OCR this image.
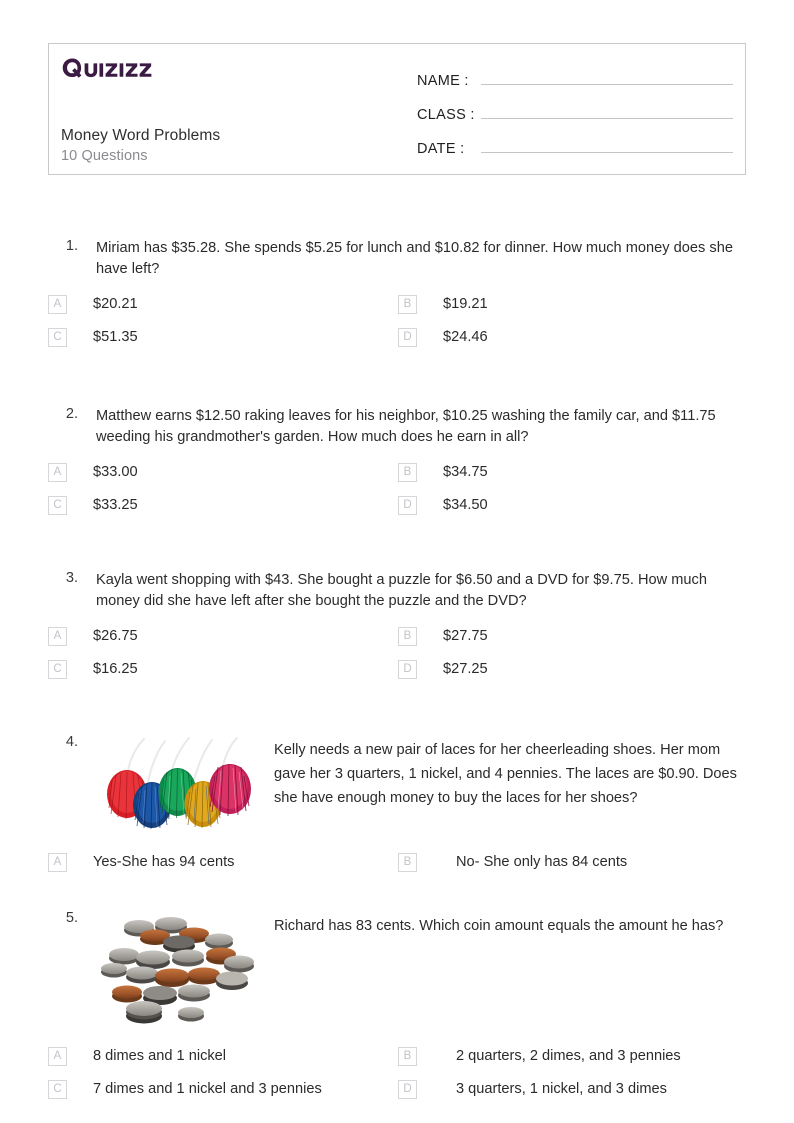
Money Word Problems
10 Questions
NAME :
CLASS :
DATE :
1. Miriam has $35.28. She spends $5.25 for lunch and $10.82 for dinner. How much money does she have left?
A	$20.21	B	$19.21
C	$51.35	D	$24.46
2. Matthew earns $12.50 raking leaves for his neighbor, $10.25 washing the family car, and $11.75 weeding his grandmother's garden. How much does he earn in all?
A	$33.00	B	$34.75
C	$33.25	D	$34.50
3. Kayla went shopping with $43. She bought a puzzle for $6.50 and a DVD for $9.75. How much money did she have left after she bought the puzzle and the DVD?
A	$26.75	B	$27.75
C	$16.25	D	$27.25
4.	Kelly needs a new pair of laces for her cheerleading shoes. Her mom gave her 3 quarters, 1 nickel, and 4 pennies. The laces are $0.90. Does she have enough money to buy the laces for her shoes?
A	Yes-She has 94 cents	B	No- She only has 84 cents
5.	Richard has 83 cents. Which coin amount equals the amount he has?
A	8 dimes and 1 nickel	B	2 quarters, 2 dimes, and 3 pennies
C	7 dimes and 1 nickel and 3 pennies	D	3 quarters, 1 nickel, and 3 dimes
